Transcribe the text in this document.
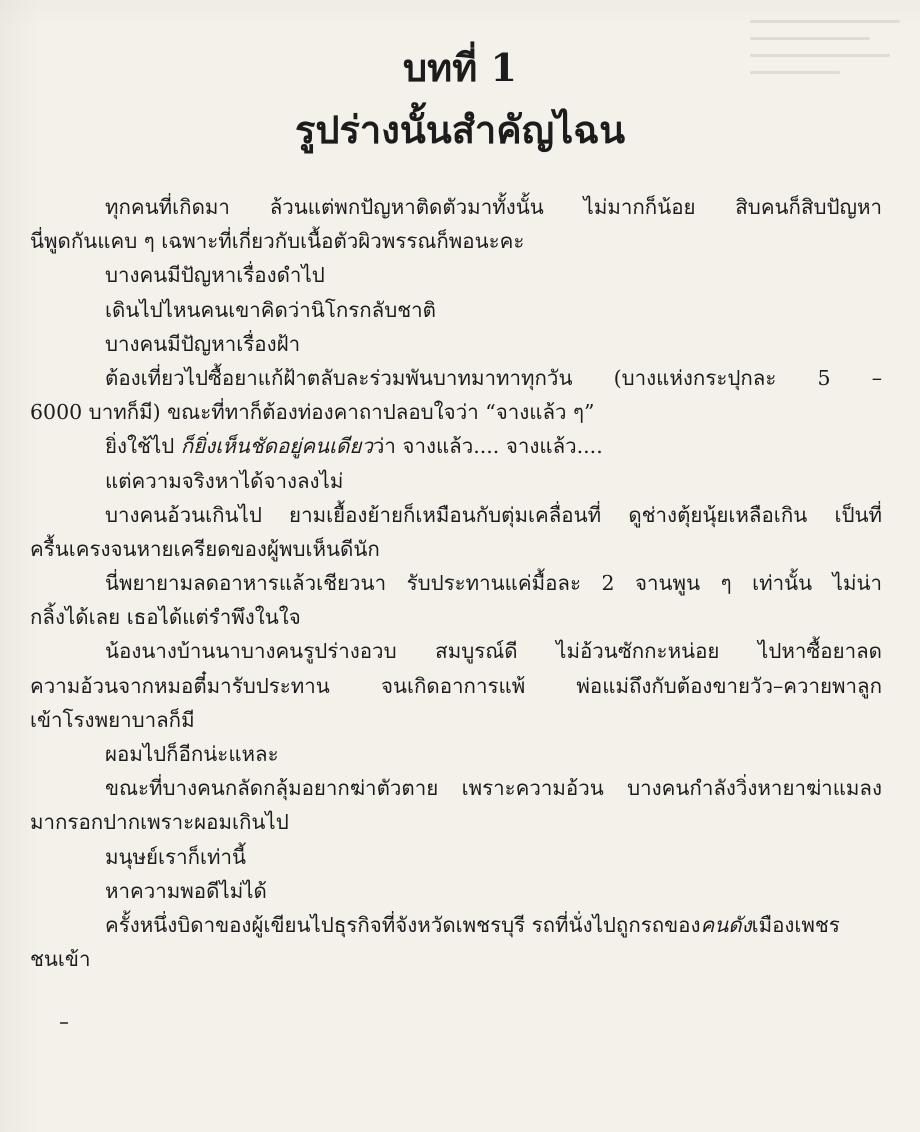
บทที่ 1
รูปร่างนั้นสำคัญไฉน
ทุกคนที่เกิดมา ล้วนแต่พกปัญหาติดตัวมาทั้งนั้น ไม่มากก็น้อย สิบคนก็สิบปัญหา
นี่พูดกันแคบ ๆ เฉพาะที่เกี่ยวกับเนื้อตัวผิวพรรณก็พอนะคะ
บางคนมีปัญหาเรื่องดำไป
เดินไปไหนคนเขาคิดว่านิโกรกลับชาติ
บางคนมีปัญหาเรื่องฝ้า
ต้องเที่ยวไปซื้อยาแก้ฝ้าตลับละร่วมพันบาทมาทาทุกวัน (บางแห่งกระปุกละ 5 –
6000 บาทก็มี) ขณะที่ทาก็ต้องท่องคาถาปลอบใจว่า “จางแล้ว ๆ”
ยิ่งใช้ไป ก็ยิ่งเห็นชัดอยู่คนเดียวว่า จางแล้ว.... จางแล้ว....
แต่ความจริงหาได้จางลงไม่
บางคนอ้วนเกินไป ยามเยื้องย้ายก็เหมือนกับตุ่มเคลื่อนที่ ดูช่างตุ้ยนุ้ยเหลือเกิน เป็นที่
ครื้นเครงจนหายเครียดของผู้พบเห็นดีนัก
นี่พยายามลดอาหารแล้วเชียวนา รับประทานแค่มื้อละ 2 จานพูน ๆ เท่านั้น ไม่น่า
กลิ้งได้เลย เธอได้แต่รำพึงในใจ
น้องนางบ้านนาบางคนรูปร่างอวบ สมบูรณ์ดี ไม่อ้วนซักกะหน่อย ไปหาซื้อยาลด
ความอ้วนจากหมอตี๋มารับประทาน จนเกิดอาการแพ้ พ่อแม่ถึงกับต้องขายวัว–ควายพาลูก
เข้าโรงพยาบาลก็มี
ผอมไปก็อีกน่ะแหละ
ขณะที่บางคนกลัดกลุ้มอยากฆ่าตัวตาย เพราะความอ้วน บางคนกำลังวิ่งหายาฆ่าแมลง
มากรอกปากเพราะผอมเกินไป
มนุษย์เราก็เท่านี้
หาความพอดีไม่ได้
ครั้งหนึ่งบิดาของผู้เขียนไปธุรกิจที่จังหวัดเพชรบุรี รถที่นั่งไปถูกรถของคนดังเมืองเพชร
ชนเข้า
